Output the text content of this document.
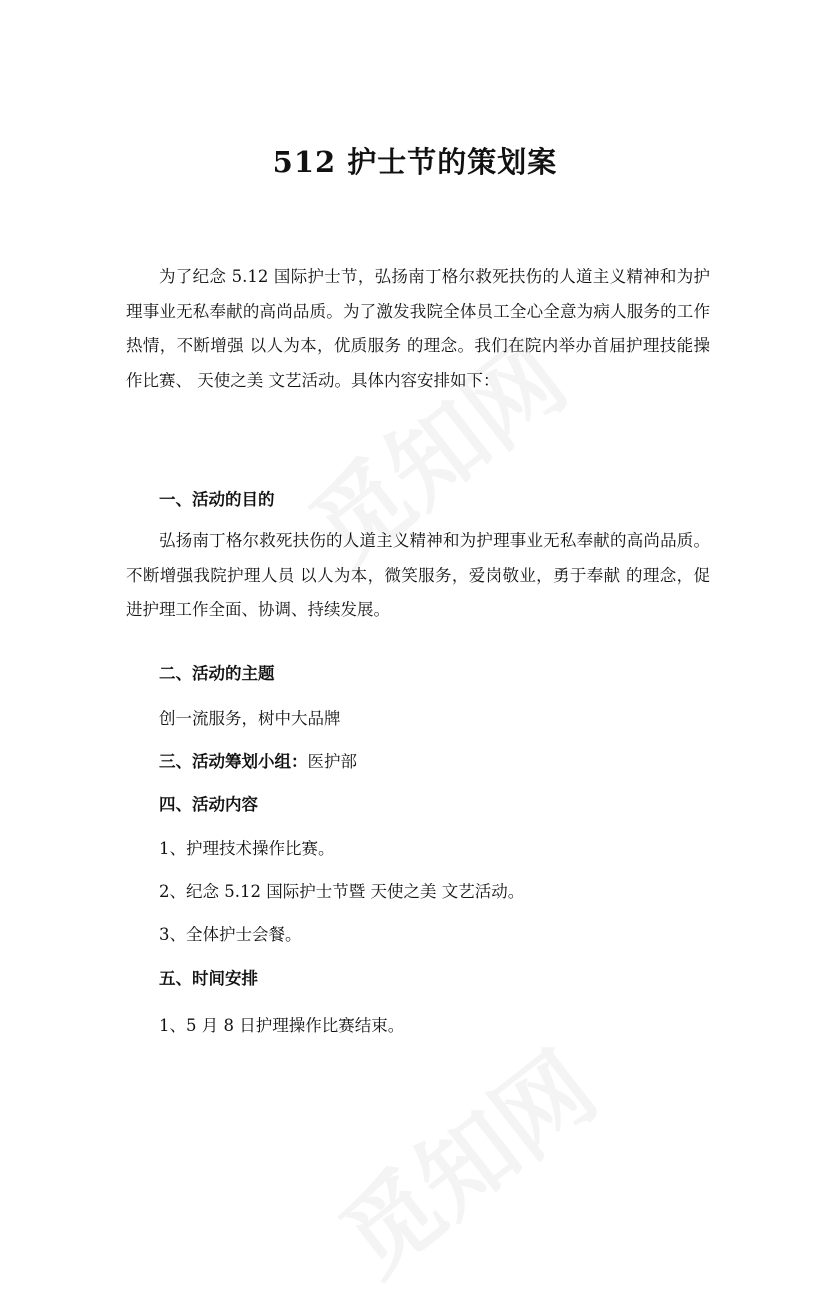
512 护士节的策划案

为了纪念 5.12 国际护士节，弘扬南丁格尔救死扶伤的人道主义精神和为护理事业无私奉献的高尚品质。为了激发我院全体员工全心全意为病人服务的工作热情，不断增强 以人为本，优质服务 的理念。我们在院内举办首届护理技能操作比赛、 天使之美 文艺活动。具体内容安排如下：

一、活动的目的

弘扬南丁格尔救死扶伤的人道主义精神和为护理事业无私奉献的高尚品质。不断增强我院护理人员 以人为本，微笑服务，爱岗敬业，勇于奉献 的理念，促进护理工作全面、协调、持续发展。

二、活动的主题

创一流服务，树中大品牌

三、活动筹划小组：医护部

四、活动内容

1、护理技术操作比赛。

2、纪念 5.12 国际护士节暨 天使之美 文艺活动。

3、全体护士会餐。

五、时间安排

1、5 月 8 日护理操作比赛结束。
